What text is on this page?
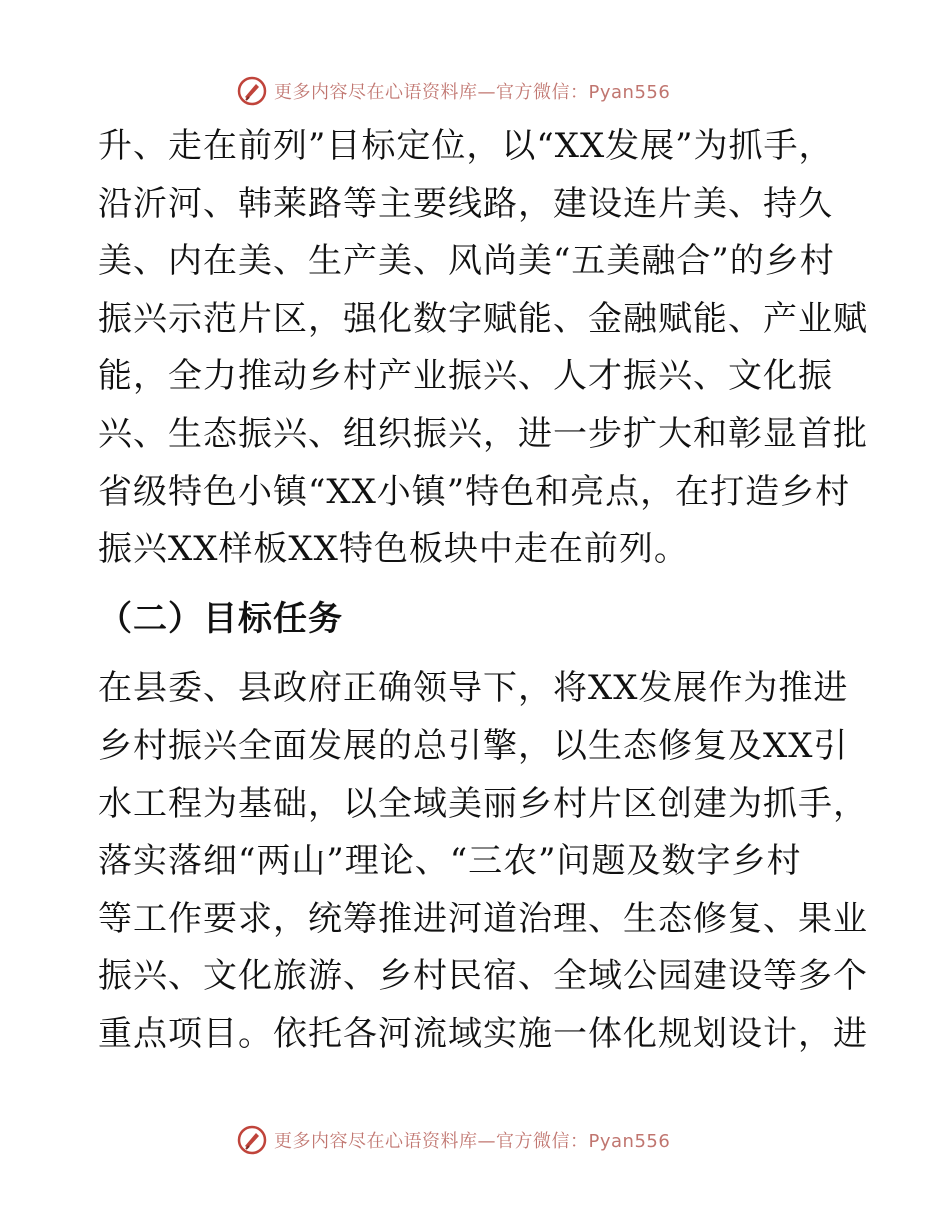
更多内容尽在心语资料库—官方微信：Pyan556

升、走在前列”目标定位，以“XX发展”为抓手，
沿沂河、韩莱路等主要线路，建设连片美、持久
美、内在美、生产美、风尚美“五美融合”的乡村
振兴示范片区，强化数字赋能、金融赋能、产业赋
能，全力推动乡村产业振兴、人才振兴、文化振
兴、生态振兴、组织振兴，进一步扩大和彰显首批
省级特色小镇“XX小镇”特色和亮点，在打造乡村
振兴XX样板XX特色板块中走在前列。

（二）目标任务

在县委、县政府正确领导下，将XX发展作为推进
乡村振兴全面发展的总引擎，以生态修复及XX引
水工程为基础，以全域美丽乡村片区创建为抓手，
落实落细“两山”理论、“三农”问题及数字乡村
等工作要求，统筹推进河道治理、生态修复、果业
振兴、文化旅游、乡村民宿、全域公园建设等多个
重点项目。依托各河流域实施一体化规划设计，进

更多内容尽在心语资料库—官方微信：Pyan556
